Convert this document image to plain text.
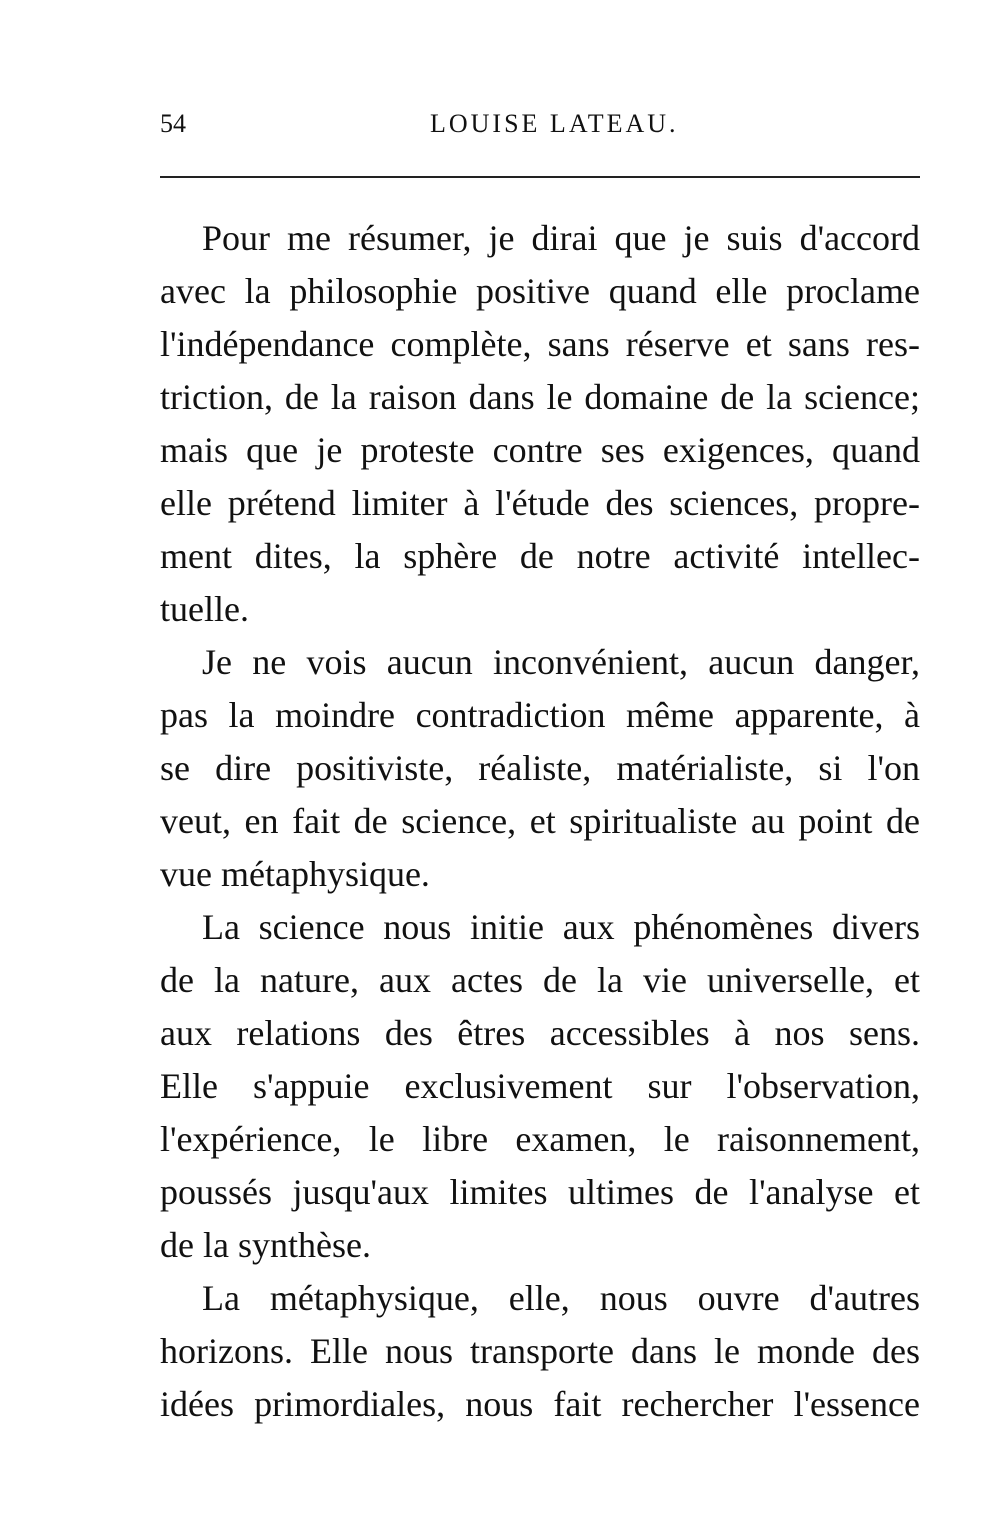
54	LOUISE LATEAU.
Pour me résumer, je dirai que je suis d'accord
avec la philosophie positive quand elle proclame
l'indépendance complète, sans réserve et sans res-
triction, de la raison dans le domaine de la science;
mais que je proteste contre ses exigences, quand
elle prétend limiter à l'étude des sciences, propre-
ment dites, la sphère de notre activité intellec-
tuelle.
Je ne vois aucun inconvénient, aucun danger,
pas la moindre contradiction même apparente, à
se dire positiviste, réaliste, matérialiste, si l'on
veut, en fait de science, et spiritualiste au point de
vue métaphysique.
La science nous initie aux phénomènes divers
de la nature, aux actes de la vie universelle, et
aux relations des êtres accessibles à nos sens.
Elle s'appuie exclusivement sur l'observation,
l'expérience, le libre examen, le raisonnement,
poussés jusqu'aux limites ultimes de l'analyse et
de la synthèse.
La métaphysique, elle, nous ouvre d'autres
horizons. Elle nous transporte dans le monde des
idées primordiales, nous fait rechercher l'essence
